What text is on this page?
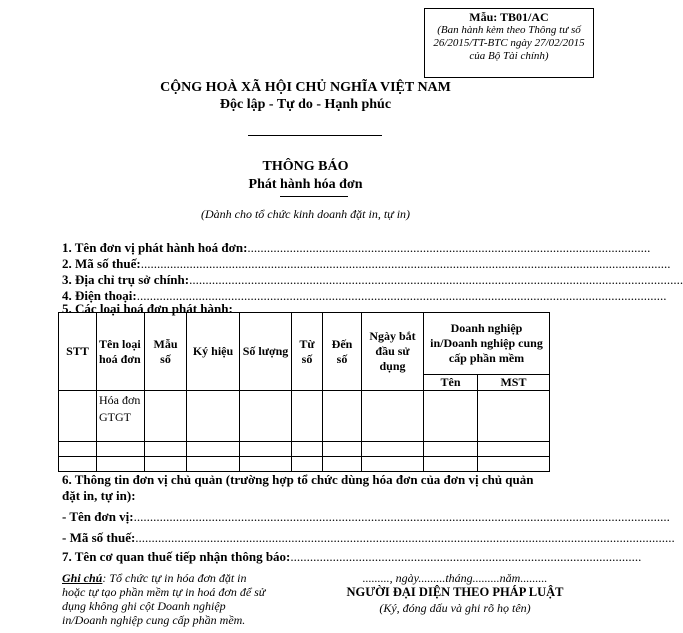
Mẫu: TB01/AC
(Ban hành kèm theo Thông tư số 26/2015/TT-BTC ngày 27/02/2015 của Bộ Tài chính)
CỘNG HOÀ XÃ HỘI CHỦ NGHĨA VIỆT NAM
Độc lập - Tự do - Hạnh phúc
THÔNG BÁO
Phát hành hóa đơn
(Dành cho tổ chức kinh doanh đặt in, tự in)
1. Tên đơn vị phát hành hoá đơn:............................................................................................................................
2. Mã số thuế:...................................................................................................................................................................
3. Địa chỉ trụ sở chính:........................................................................................................................................................
4. Điện thoại:...................................................................................................................................................................
5. Các loại hoá đơn phát hành:
STT	Tên loại hoá đơn	Mẫu số	Ký hiệu	Số lượng	Từ số	Đến số	Ngày bắt đầu sử dụng	Doanh nghiệp in/Doanh nghiệp cung cấp phần mềm	
								Tên	MST
	Hóa đơn GTGT								

6. Thông tin đơn vị chủ quản (trường hợp tổ chức dùng hóa đơn của đơn vị chủ quản đặt in, tự in):
- Tên đơn vị:.....................................................................................................................................................................
- Mã số thuế:......................................................................................................................................................................
7. Tên cơ quan thuế tiếp nhận thông báo:............................................................................................................
Ghi chú: Tổ chức tự in hóa đơn đặt in hoặc tự tạo phần mềm tự in hoá đơn để sử dụng không ghi cột Doanh nghiệp in/Doanh nghiệp cung cấp phần mềm.
........., ngày.........tháng.........năm.........
NGƯỜI ĐẠI DIỆN THEO PHÁP LUẬT
(Ký, đóng dấu và ghi rõ họ tên)
